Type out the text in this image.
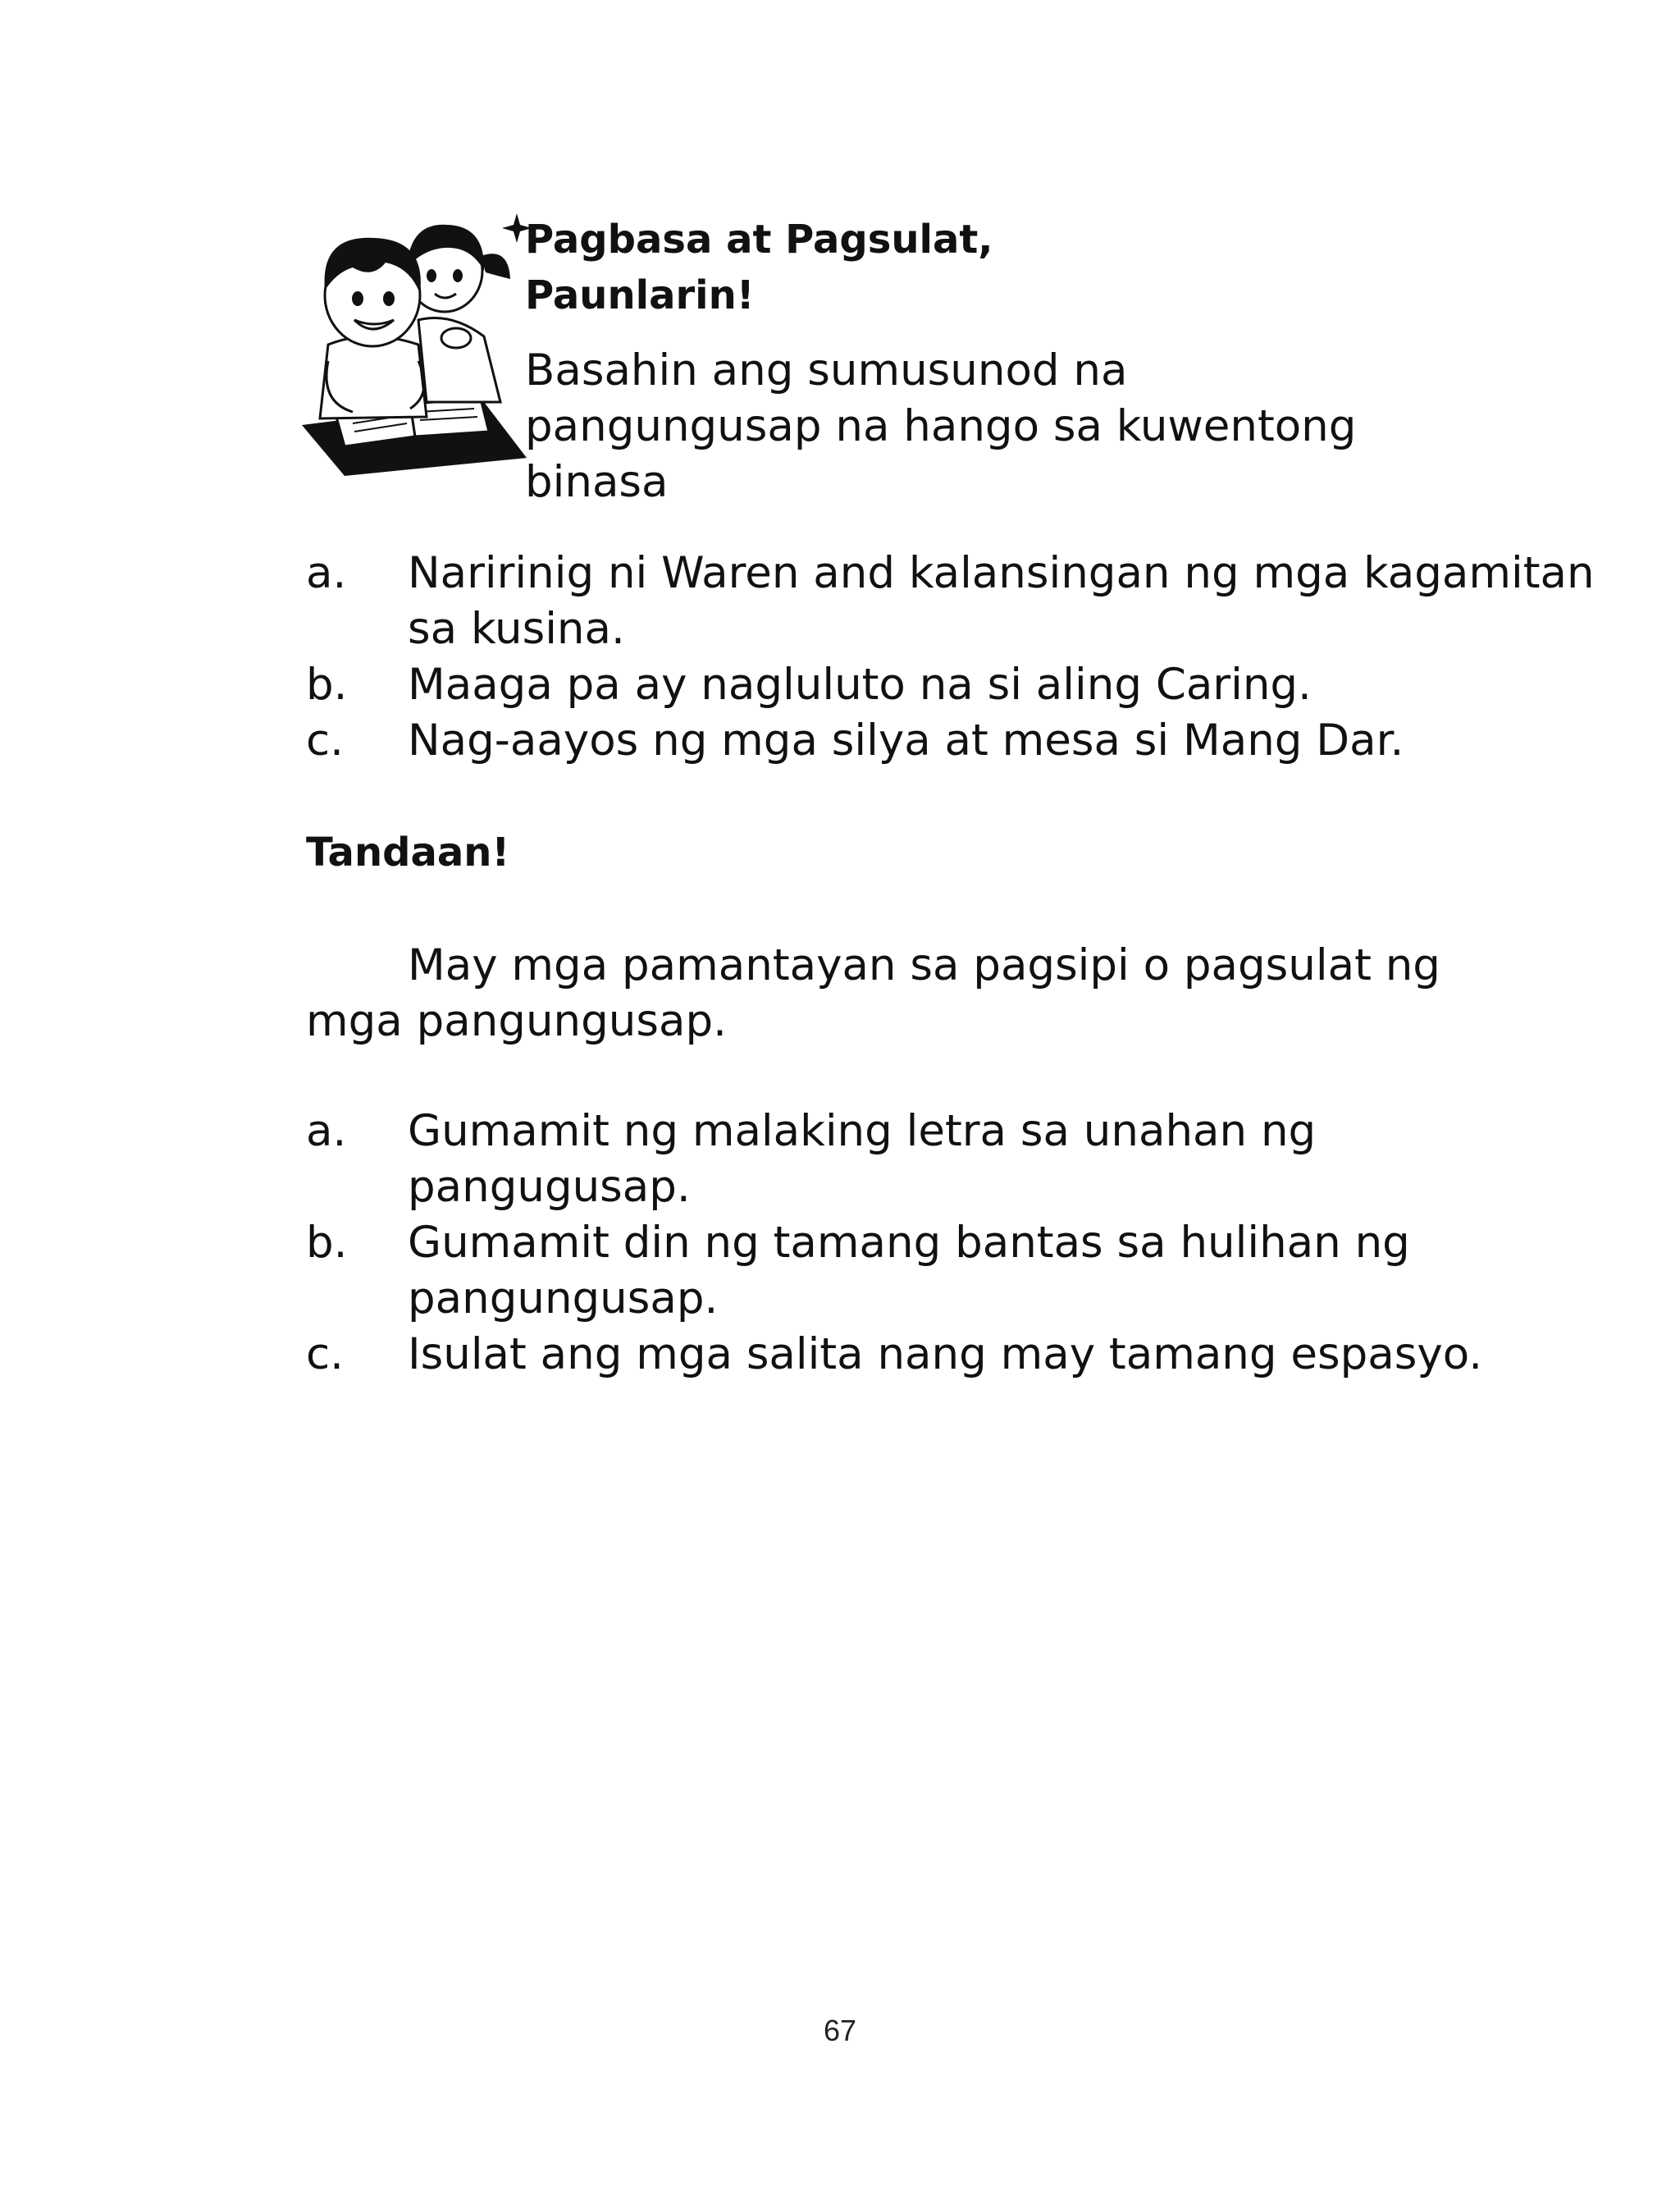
Pagbasa at Pagsulat,
Paunlarin!

Basahin ang sumusunod na pangungusap na hango sa kuwentong binasa

a. Naririnig ni Waren and kalansingan ng mga kagamitan sa kusina.
b. Maaga pa ay nagluluto na si aling Caring.
c. Nag-aayos ng mga silya at mesa si Mang Dar.
Tandaan!

May mga pamantayan sa pagsipi o pagsulat ng mga pangungusap.

a. Gumamit ng malaking letra sa unahan ng pangugusap.
b. Gumamit din ng tamang bantas sa hulihan ng pangungusap.
c. Isulat ang mga salita nang may tamang espasyo.
67
